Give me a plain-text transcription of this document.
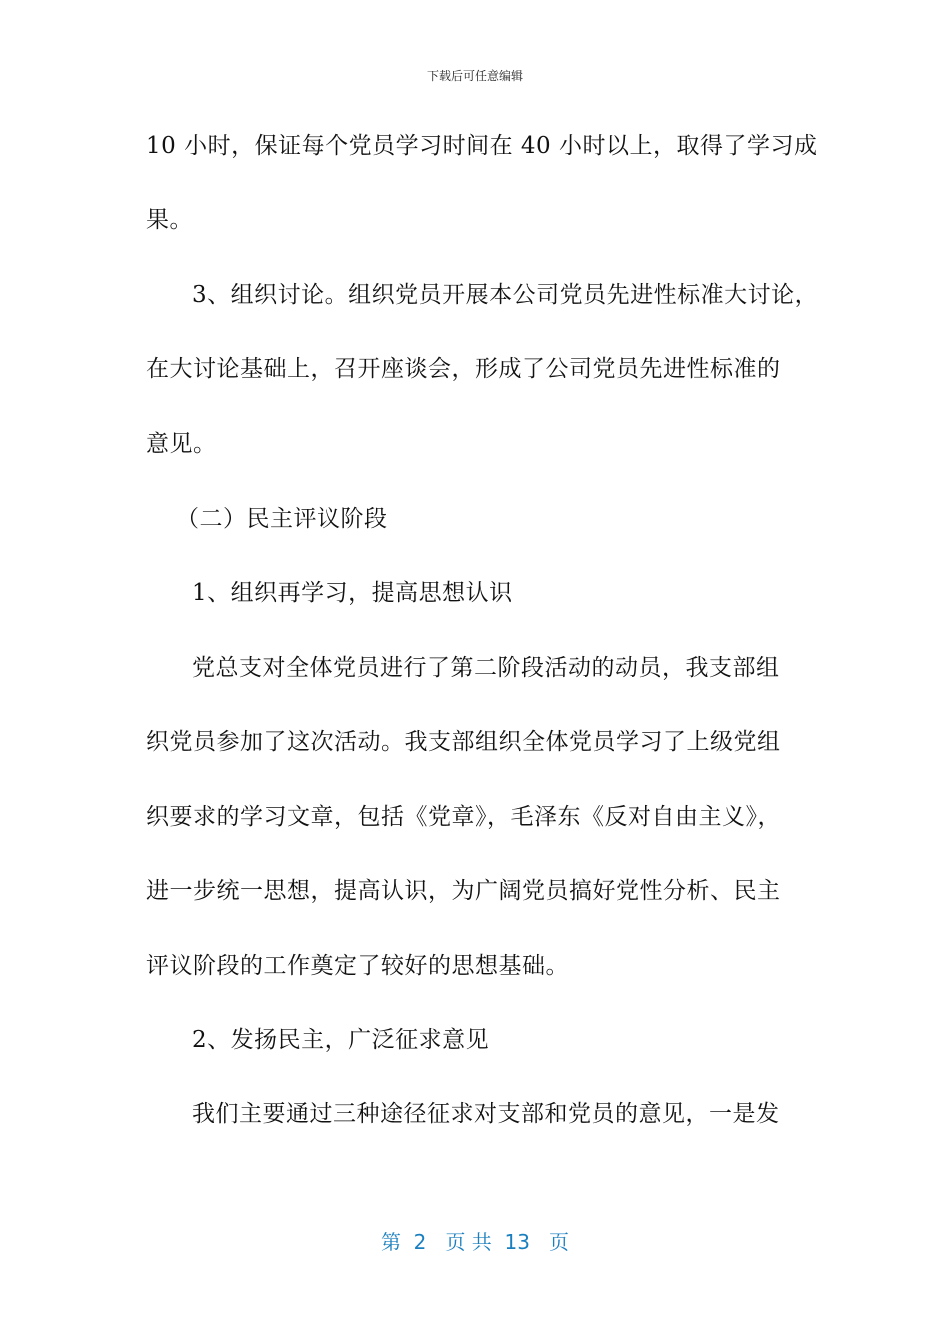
下载后可任意编辑
10 小时，保证每个党员学习时间在 40 小时以上，取得了学习成
果。
3、组织讨论。组织党员开展本公司党员先进性标准大讨论，
在大讨论基础上，召开座谈会，形成了公司党员先进性标准的
意见。
（二）民主评议阶段
1、组织再学习，提高思想认识
党总支对全体党员进行了第二阶段活动的动员，我支部组
织党员参加了这次活动。我支部组织全体党员学习了上级党组
织要求的学习文章，包括《党章》，毛泽东《反对自由主义》，
进一步统一思想，提高认识，为广阔党员搞好党性分析、民主
评议阶段的工作奠定了较好的思想基础。
2、发扬民主，广泛征求意见
我们主要通过三种途径征求对支部和党员的意见，一是发
第  2   页 共  13   页
